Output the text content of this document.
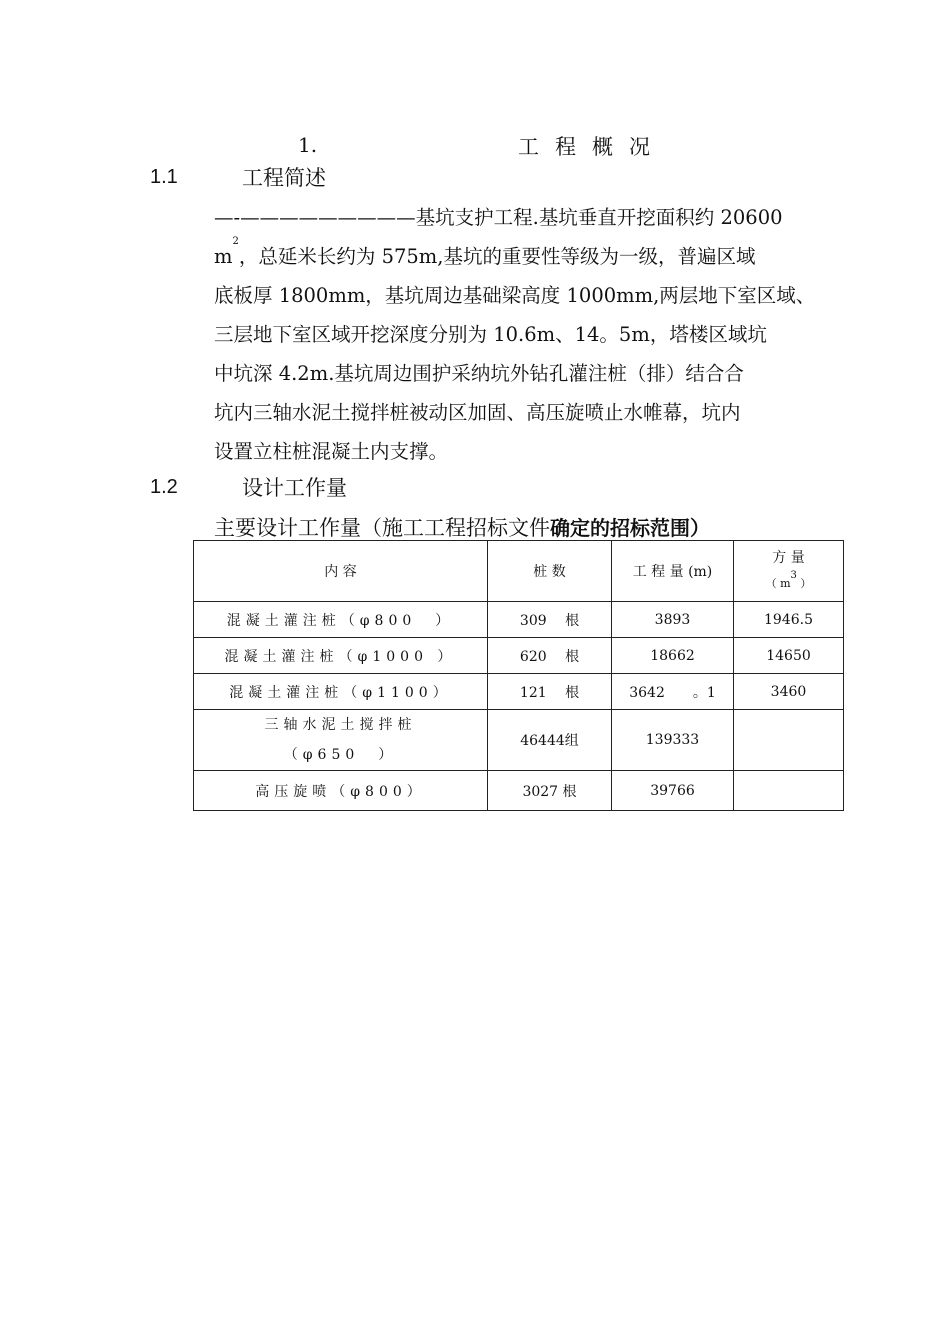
1.	工程概况
1.1	工程简述
—-—————————基坑支护工程.基坑垂直开挖面积约 20600
$m^2$，总延米长约为 575m,基坑的重要性等级为一级，普遍区域
底板厚 1800mm，基坑周边基础梁高度 1000mm,两层地下室区域、
三层地下室区域开挖深度分别为 10.6m、14。5m，塔楼区域坑
中坑深 4.2m.基坑周边围护采纳坑外钻孔灌注桩（排）结合合
坑内三轴水泥土搅拌桩被动区加固、高压旋喷止水帷幕，坑内
设置立柱桩混凝土内支撑。
1.2	设计工作量
主要设计工作量（施工工程招标文件确定的招标范围）
内 容	桩 数	工 程 量 (m)	方 量
（ $m^3$ ）

混凝土灌注桩（φ800　）	309　 根	3893	1946.5
混凝土灌注桩（φ1000 ）	620　 根	18662	14650
混凝土灌注桩（φ1100）	121　 根	3642　　。1	3460

三轴水泥土搅拌桩
（φ650　）	46444组	139333	
高压旋喷（φ800）	3027 根	39766	
